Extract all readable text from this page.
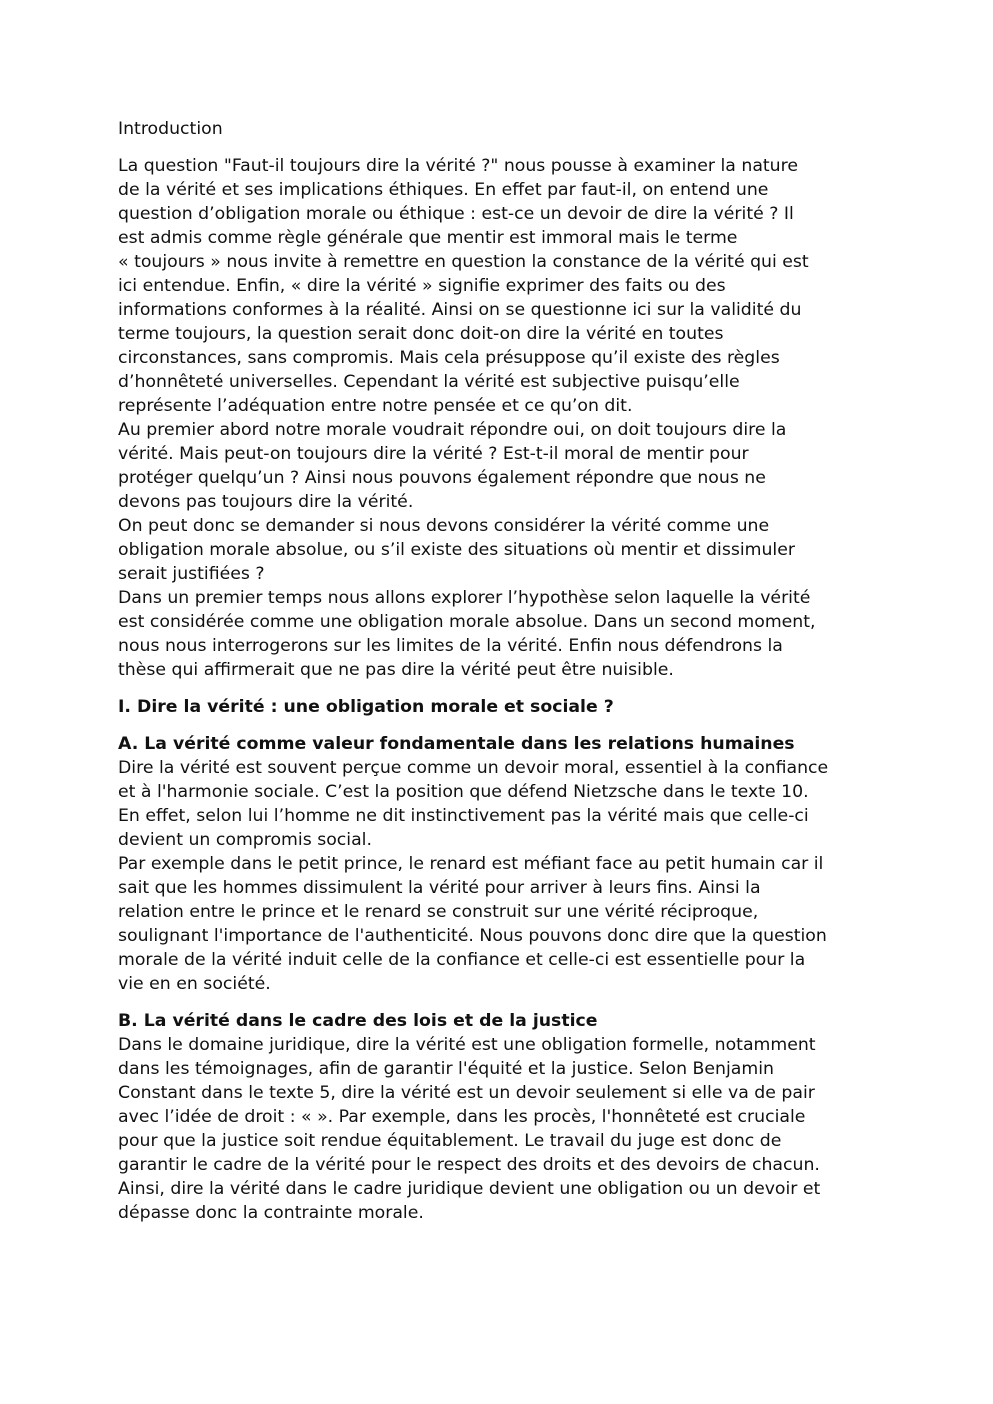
Introduction

La question "Faut-il toujours dire la vérité ?" nous pousse à examiner la nature
de la vérité et ses implications éthiques. En effet par faut-il, on entend une
question d’obligation morale ou éthique : est-ce un devoir de dire la vérité ? Il
est admis comme règle générale que mentir est immoral mais le terme
« toujours » nous invite à remettre en question la constance de la vérité qui est
ici entendue. Enfin, « dire la vérité » signifie exprimer des faits ou des
informations conformes à la réalité. Ainsi on se questionne ici sur la validité du
terme toujours, la question serait donc doit-on dire la vérité en toutes
circonstances, sans compromis. Mais cela présuppose qu’il existe des règles
d’honnêteté universelles. Cependant la vérité est subjective puisqu’elle
représente l’adéquation entre notre pensée et ce qu’on dit.

Au premier abord notre morale voudrait répondre oui, on doit toujours dire la
vérité. Mais peut-on toujours dire la vérité ? Est-t-il moral de mentir pour
protéger quelqu’un ? Ainsi nous pouvons également répondre que nous ne
devons pas toujours dire la vérité.

On peut donc se demander si nous devons considérer la vérité comme une
obligation morale absolue, ou s’il existe des situations où mentir et dissimuler
serait justifiées ?

Dans un premier temps nous allons explorer l’hypothèse selon laquelle la vérité
est considérée comme une obligation morale absolue. Dans un second moment,
nous nous interrogerons sur les limites de la vérité. Enfin nous défendrons la
thèse qui affirmerait que ne pas dire la vérité peut être nuisible.

I. Dire la vérité : une obligation morale et sociale ?
A. La vérité comme valeur fondamentale dans les relations humaines

Dire la vérité est souvent perçue comme un devoir moral, essentiel à la confiance
et à l'harmonie sociale. C’est la position que défend Nietzsche dans le texte 10.
En effet, selon lui l’homme ne dit instinctivement pas la vérité mais que celle-ci
devient un compromis social.

Par exemple dans le petit prince, le renard est méfiant face au petit humain car il
sait que les hommes dissimulent la vérité pour arriver à leurs fins. Ainsi la
relation entre le prince et le renard se construit sur une vérité réciproque,
soulignant l'importance de l'authenticité. Nous pouvons donc dire que la question
morale de la vérité induit celle de la confiance et celle-ci est essentielle pour la
vie en en société.

B. La vérité dans le cadre des lois et de la justice

Dans le domaine juridique, dire la vérité est une obligation formelle, notamment
dans les témoignages, afin de garantir l'équité et la justice. Selon Benjamin
Constant dans le texte 5, dire la vérité est un devoir seulement si elle va de pair
avec l’idée de droit : « ». Par exemple, dans les procès, l'honnêteté est cruciale
pour que la justice soit rendue équitablement. Le travail du juge est donc de
garantir le cadre de la vérité pour le respect des droits et des devoirs de chacun.
Ainsi, dire la vérité dans le cadre juridique devient une obligation ou un devoir et
dépasse donc la contrainte morale.
